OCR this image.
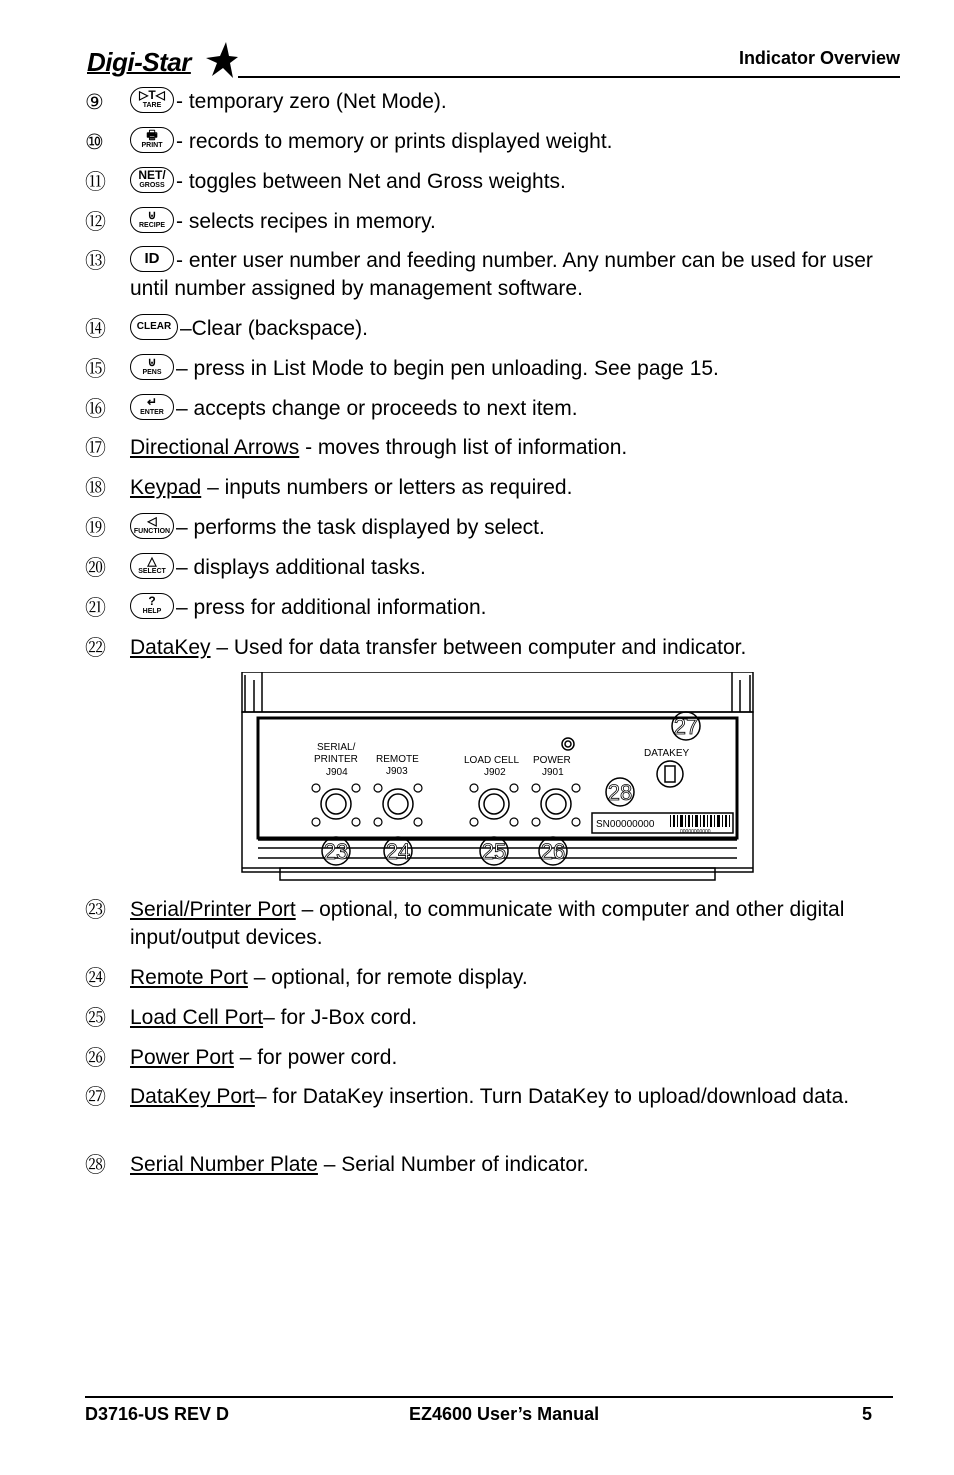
Digi-Star	Indicator Overview
⑨	▷T◁
TARE - temporary zero (Net Mode).
⑩	🖶
PRINT - records to memory or prints displayed weight.
⑪	NET/
GROSS - toggles between Net and Gross weights.
⑫	⊍
RECIPE - selects recipes in memory.
⑬	ID - enter user number and feeding number. Any number can be used for user until number assigned by management software.
⑭	CLEAR –Clear (backspace).
⑮	⊍
PENS – press in List Mode to begin pen unloading. See page 15.
⑯	↵
ENTER – accepts change or proceeds to next item.
⑰ Directional Arrows - moves through list of information.
⑱ Keypad – inputs numbers or letters as required.
⑲	◁
FUNCTION – performs the task displayed by select.
⑳	△
SELECT – displays additional tasks.
㉑	?
HELP – press for additional information.
㉒ DataKey – Used for data transfer between computer and indicator.
SERIAL/
PRINTER
J904
REMOTE
J903
LOAD CELL
J902
POWER
J901
DATAKEY
SN00000000
00000000000
27
28
23 24	25 26
㉓ Serial/Printer Port – optional, to communicate with computer and other digital input/output devices.
㉔ Remote Port – optional, for remote display.
㉕ Load Cell Port– for J-Box cord.
㉖ Power Port – for power cord.
㉗ DataKey Port– for DataKey insertion. Turn DataKey to upload/download data.
㉘ Serial Number Plate – Serial Number of indicator.
D3716-US REV D	EZ4600 User’s Manual	5
